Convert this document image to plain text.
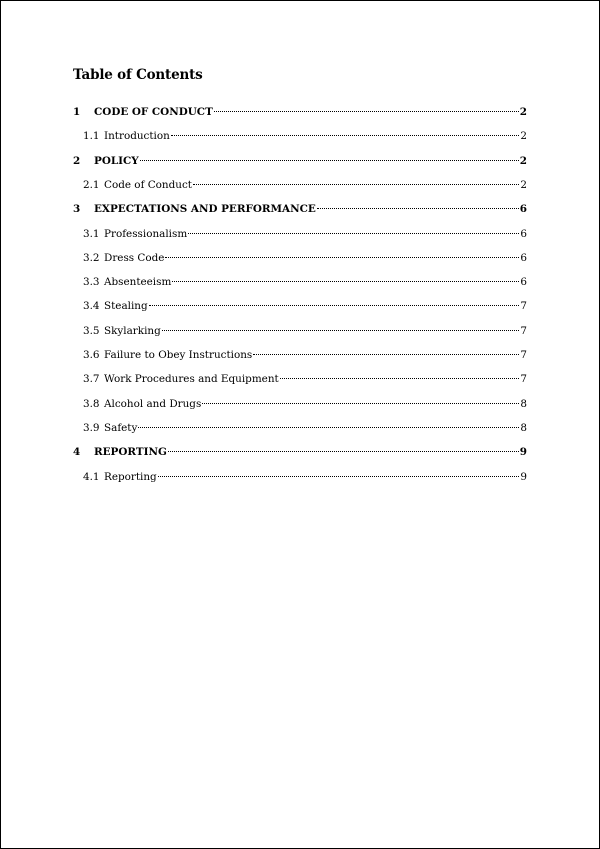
Table of Contents
1	CODE OF CONDUCT	2
1.1 Introduction	2
2	POLICY	2
2.1 Code of Conduct	2
3	EXPECTATIONS AND PERFORMANCE	6
3.1 Professionalism	6
3.2 Dress Code	6
3.3 Absenteeism	6
3.4 Stealing	7
3.5 Skylarking	7
3.6 Failure to Obey Instructions	7
3.7 Work Procedures and Equipment	7
3.8 Alcohol and Drugs	8
3.9 Safety	8
4	REPORTING	9
4.1 Reporting	9
